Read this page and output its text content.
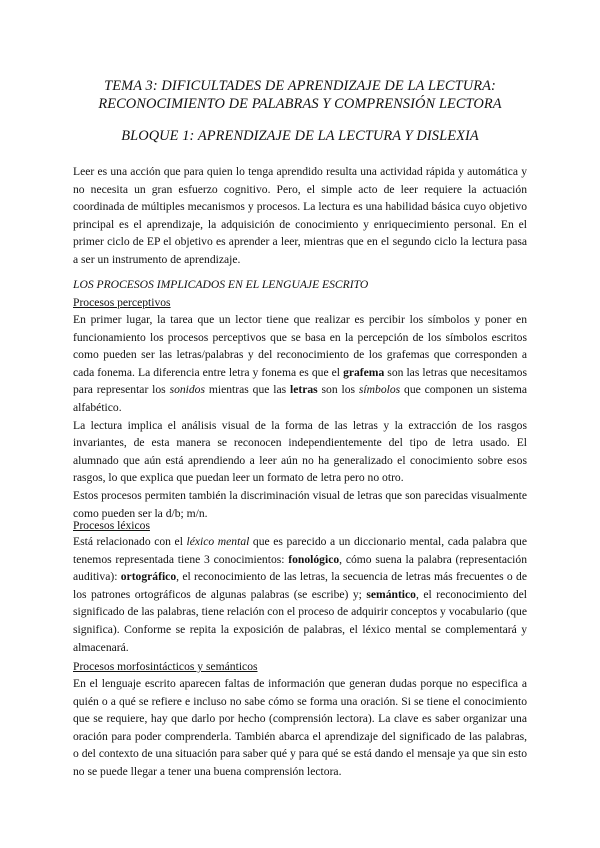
TEMA 3: DIFICULTADES DE APRENDIZAJE DE LA LECTURA:
RECONOCIMIENTO DE PALABRAS Y COMPRENSIÓN LECTORA
BLOQUE 1: APRENDIZAJE DE LA LECTURA Y DISLEXIA

Leer es una acción que para quien lo tenga aprendido resulta una actividad rápida y automática y no necesita un gran esfuerzo cognitivo. Pero, el simple acto de leer requiere la actuación coordinada de múltiples mecanismos y procesos. La lectura es una habilidad básica cuyo objetivo principal es el aprendizaje, la adquisición de conocimiento y enriquecimiento personal. En el primer ciclo de EP el objetivo es aprender a leer, mientras que en el segundo ciclo la lectura pasa a ser un instrumento de aprendizaje.

LOS PROCESOS IMPLICADOS EN EL LENGUAJE ESCRITO
Procesos perceptivos

En primer lugar, la tarea que un lector tiene que realizar es percibir los símbolos y poner en funcionamiento los procesos perceptivos que se basa en la percepción de los símbolos escritos como pueden ser las letras/palabras y del reconocimiento de los grafemas que corresponden a cada fonema. La diferencia entre letra y fonema es que el grafema son las letras que necesitamos para representar los sonidos mientras que las letras son los símbolos que componen un sistema alfabético.

La lectura implica el análisis visual de la forma de las letras y la extracción de los rasgos invariantes, de esta manera se reconocen independientemente del tipo de letra usado. El alumnado que aún está aprendiendo a leer aún no ha generalizado el conocimiento sobre esos rasgos, lo que explica que puedan leer un formato de letra pero no otro.

Estos procesos permiten también la discriminación visual de letras que son parecidas visualmente como pueden ser la d/b; m/n.

Procesos léxicos

Está relacionado con el léxico mental que es parecido a un diccionario mental, cada palabra que tenemos representada tiene 3 conocimientos: fonológico, cómo suena la palabra (representación auditiva): ortográfico, el reconocimiento de las letras, la secuencia de letras más frecuentes o de los patrones ortográficos de algunas palabras (se escribe) y; semántico, el reconocimiento del significado de las palabras, tiene relación con el proceso de adquirir conceptos y vocabulario (que significa). Conforme se repita la exposición de palabras, el léxico mental se complementará y almacenará.

Procesos morfosintácticos y semánticos

En el lenguaje escrito aparecen faltas de información que generan dudas porque no especifica a quién o a qué se refiere e incluso no sabe cómo se forma una oración. Si se tiene el conocimiento que se requiere, hay que darlo por hecho (comprensión lectora). La clave es saber organizar una oración para poder comprenderla. También abarca el aprendizaje del significado de las palabras, o del contexto de una situación para saber qué y para qué se está dando el mensaje ya que sin esto no se puede llegar a tener una buena comprensión lectora.
